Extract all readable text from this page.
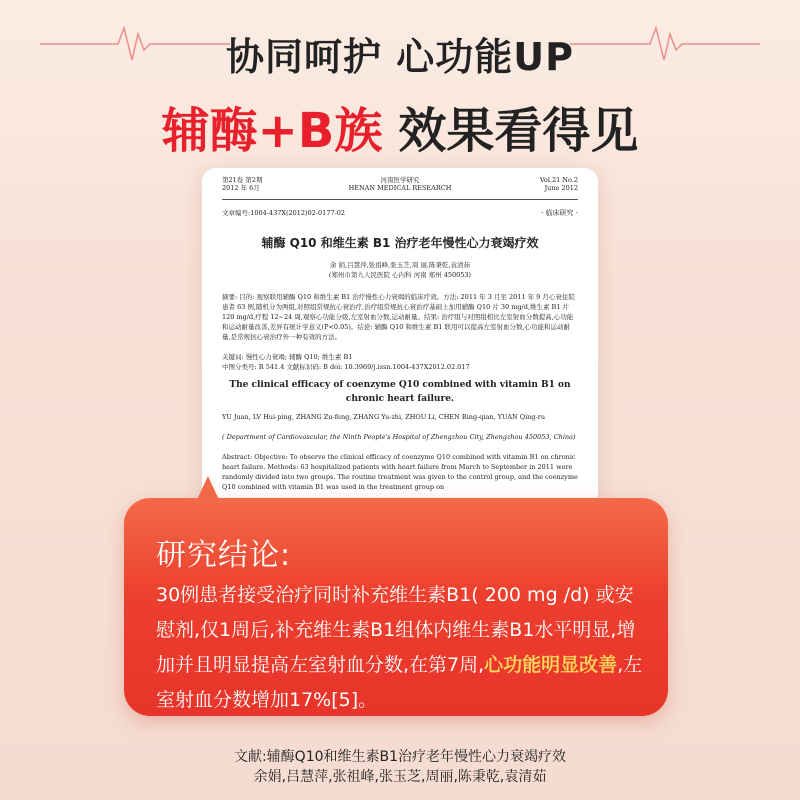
协同呵护 心功能UP
辅酶+B族 效果看得见
第21卷 第2期
2012 年 6月
河南医学研究
HENAN MEDICAL RESEARCH
Vol.21 No.2
June 2012
文章编号:1004-437X(2012)02-0177-02	· 临床研究 ·
辅酶 Q10 和维生素 B1 治疗老年慢性心力衰竭疗效
余 娟,吕慧萍,张祖峰,张玉芝,周 丽,陈秉乾,袁清茹
(郑州市第九人民医院 心内科 河南 郑州 450053)
摘要: 目的: 观察联用辅酶 Q10 和维生素 B1 治疗慢性心力衰竭的临床疗效。方法: 2011 年 3 月至 2011 年 9 月心衰住院患者 63 例,随机分为两组,对照组常规抗心衰治疗,治疗组常规抗心衰治疗基础上加用辅酶 Q10 片 30 mg/d,维生素 B1 片 120 mg/d,疗程 12~24 周,观察心功能分级,左室射血分数,运动耐量。结果: 治疗组与对照组相比左室射血分数提高,心功能和运动耐量改善,差异有统计学意义(P<0.05)。结论: 辅酶 Q10 和维生素 B1 联用可以提高左室射血分数,心功能和运动耐量,是常规抗心衰治疗外一种有效的方法。
关键词: 慢性心力衰竭; 辅酶 Q10; 维生素 B1
中图分类号: R 541.4 文献标识码: B doi: 10.3969/j.issn.1004-437X2012.02.017
The clinical efficacy of coenzyme Q10 combined with vitamin B1 on chronic heart failure.
YU Juan, LV Hui-ping, ZHANG Zu-feng, ZHANG Yu-zhi, ZHOU Li, CHEN Bing-qian, YUAN Qing-ru
( Department of Cardiovascular, the Ninth People's Hospital of Zhengzhou City, Zhengzhou 450053, China)
Abstract: Objective: To observe the clinical efficacy of coenzyme Q10 combined with vitamin B1 on chronic heart failure. Methods: 63 hospitalized patients with heart failure from March to September in 2011 were randomly divided into two groups. The routine treatment was given to the control group, and the coenzyme Q10 combined with vitamin B1 was used in the treatment group on
研究结论:
30例患者接受治疗同时补充维生素B1( 200 mg /d) 或安慰剂,仅1周后,补充维生素B1组体内维生素B1水平明显,增加并且明显提高左室射血分数,在第7周,心功能明显改善,左室射血分数增加17%[5]。
文献:辅酶Q10和维生素B1治疗老年慢性心力衰竭疗效
余娟,吕慧萍,张祖峰,张玉芝,周丽,陈秉乾,袁清茹
